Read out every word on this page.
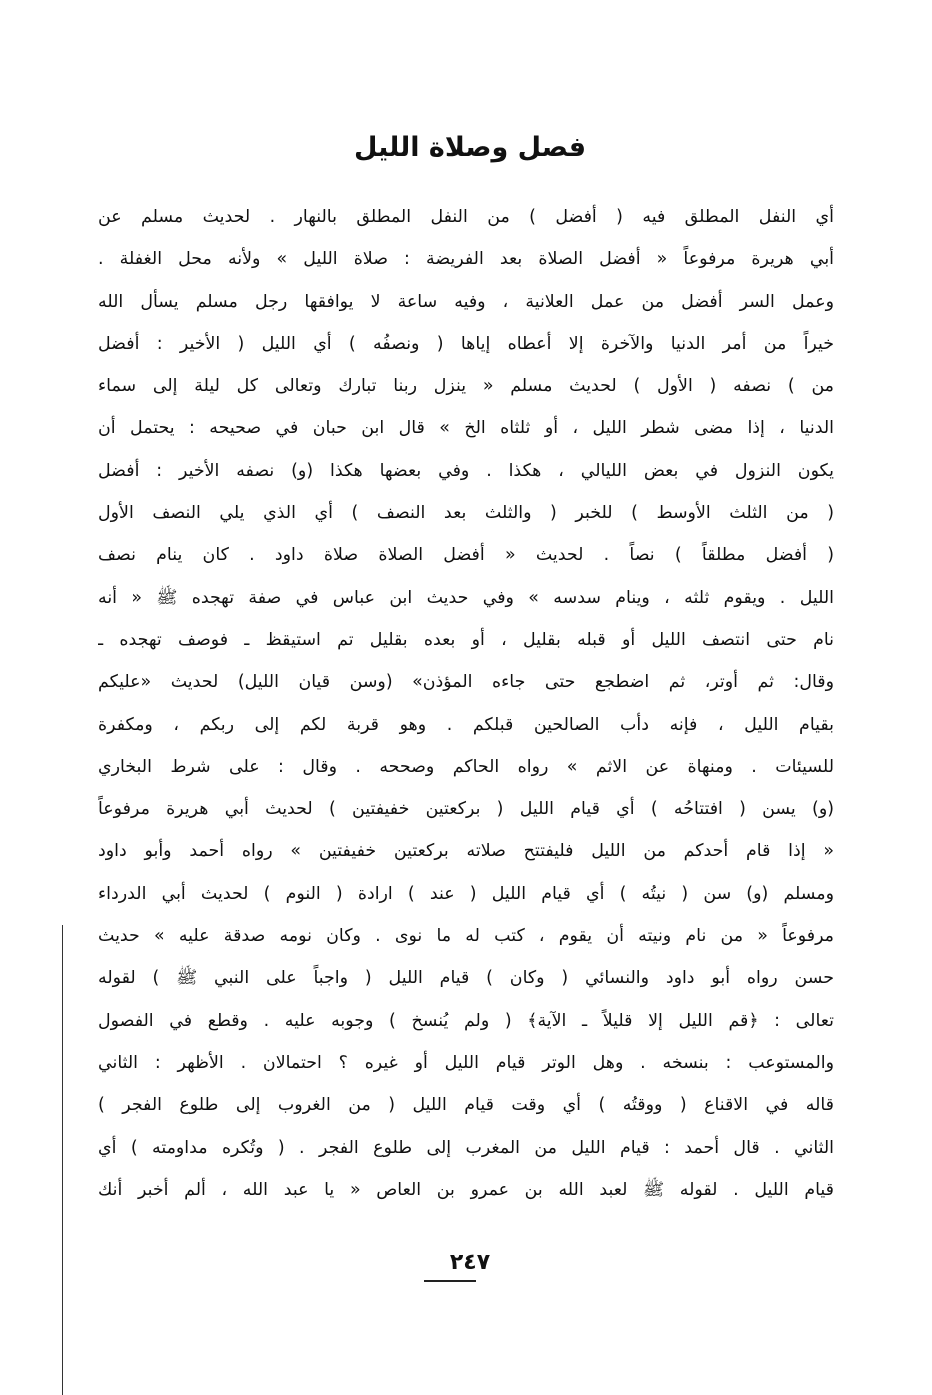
فصل وصلاة الليل
أي النفل المطلق فيه ( أفضل ) من النفل المطلق بالنهار . لحديث مسلم عن
أبي هريرة مرفوعاً « أفضل الصلاة بعد الفريضة : صلاة الليل » ولأنه محل الغفلة .
وعمل السر أفضل من عمل العلانية ، وفيه ساعة لا يوافقها رجل مسلم يسأل الله
خيراً من أمر الدنيا والآخرة إلا أعطاه إياها ( ونصفُه ) أي الليل ( الأخير : أفضل
من ) نصفه ( الأول ) لحديث مسلم « ينزل ربنا تبارك وتعالى كل ليلة إلى سماء
الدنيا ، إذا مضى شطر الليل ، أو ثلثاه الخ » قال ابن حبان في صحيحه : يحتمل أن
يكون النزول في بعض الليالي ، هكذا . وفي بعضها هكذا (و) نصفه الأخير : أفضل
( من الثلث الأوسط ) للخبر ( والثلث بعد النصف ) أي الذي يلي النصف الأول
( أفضل مطلقاً ) نصاً . لحديث « أفضل الصلاة صلاة داود . كان ينام نصف
الليل . ويقوم ثلثه ، وينام سدسه » وفي حديث ابن عباس في صفة تهجده ﷺ « أنه
نام حتى انتصف الليل أو قبله بقليل ، أو بعده بقليل تم استيقظ ـ فوصف تهجده ـ
وقال: ثم أوتر، ثم اضطجع حتى جاءه المؤذن» (وسن قيان الليل) لحديث «عليكم
بقيام الليل ، فإنه دأب الصالحين قبلكم . وهو قربة لكم إلى ربكم ، ومكفرة
للسيئات . ومنهاة عن الاثم » رواه الحاكم وصححه . وقال : على شرط البخاري
(و) يسن ( افتتاحُه ) أي قيام الليل ( بركعتين خفيفتين ) لحديث أبي هريرة مرفوعاً
« إذا قام أحدكم من الليل فليفتتح صلاته بركعتين خفيفتين » رواه أحمد وأبو داود
ومسلم (و) سن ( نيتُه ) أي قيام الليل ( عند ) ارادة ( النوم ) لحديث أبي الدرداء
مرفوعاً « من نام ونيته أن يقوم ، كتب له ما نوى . وكان نومه صدقة عليه » حديث
حسن رواه أبو داود والنسائي ( وكان ) قيام الليل ( واجباً على النبي ﷺ ) لقوله
تعالى : ﴿قم الليل إلا قليلاً ـ الآية﴾ ( ولم يُنسخ ) وجوبه عليه . وقطع في الفصول
والمستوعب : بنسخه . وهل الوتر قيام الليل أو غيره ؟ احتمالان . الأظهر : الثاني
قاله في الاقناع ( ووقتُه ) أي وقت قيام الليل ( من الغروب إلى طلوع الفجر )
الثاني . قال أحمد : قيام الليل من المغرب إلى طلوع الفجر . ( وتُكره مداومته ) أي
قيام الليل . لقوله ﷺ لعبد الله بن عمرو بن العاص « يا عبد الله ، ألم أخبر أنك
٢٤٧
